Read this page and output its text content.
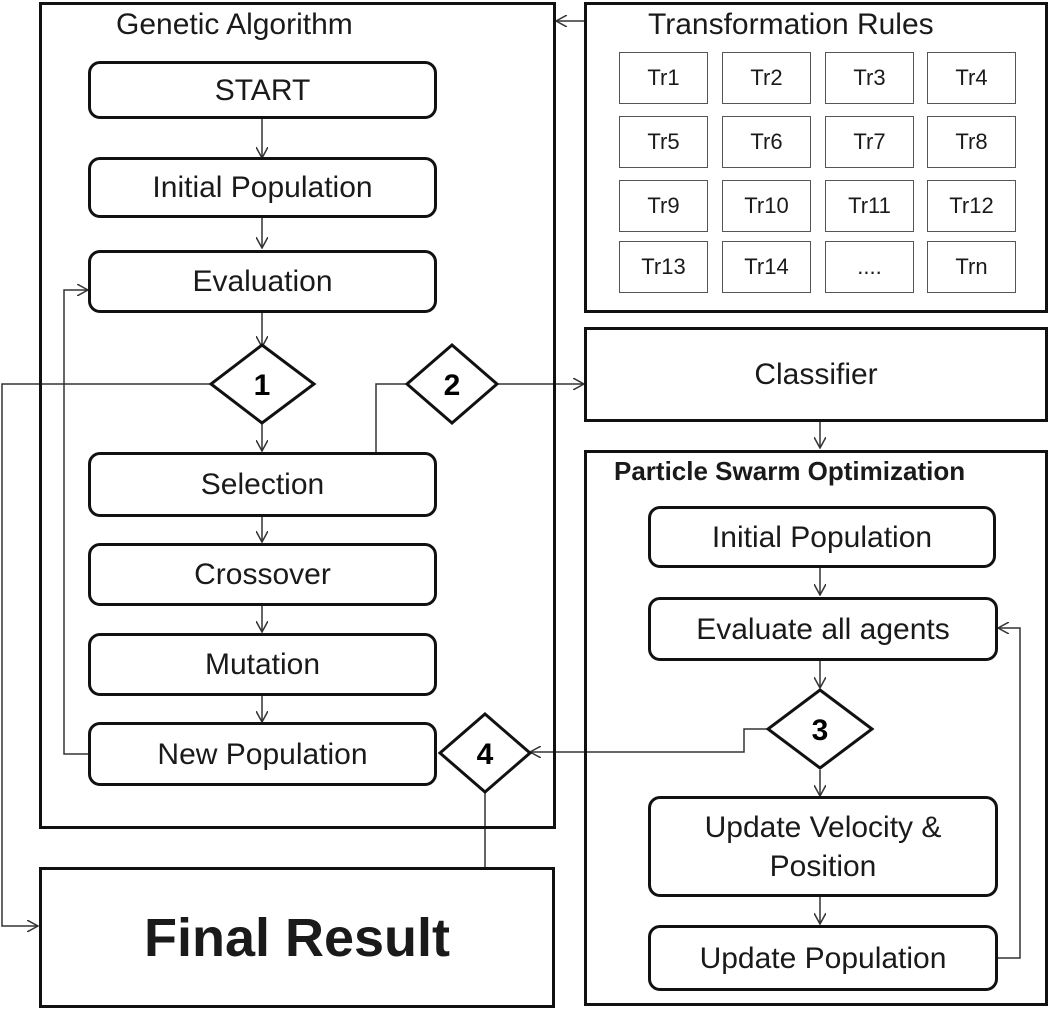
1	2
3
4
Genetic Algorithm
START
Initial Population
Evaluation
Selection
Crossover
Mutation
New Population
Transformation Rules
Tr1	Tr2	Tr3	Tr4
Tr5	Tr6	Tr7	Tr8
Tr9	Tr10	Tr11	Tr12
Tr13	Tr14	....	Trn
Classifier
Particle Swarm Optimization
Initial Population
Evaluate all agents
Update Velocity &
Position
Update Population
Final Result
